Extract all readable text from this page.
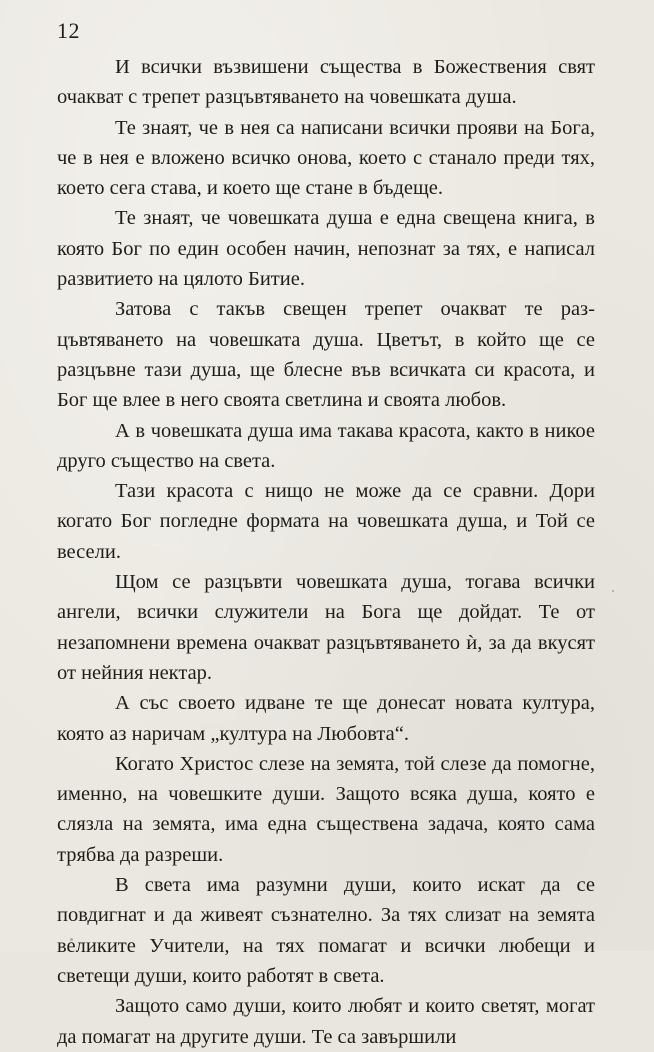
12

И всички възвишени същества в Божествения свят очакват с трепет разцъвтяването на човешката душа.

Те знаят, че в нея са написани всички прояви на Бога, че в нея е вложено всичко онова, което с станало преди тях, което сега става, и което ще стане в бъдеще.

Те знаят, че човешката душа е една свещена книга, в която Бог по един особен начин, непознат за тях, е написал развитието на цялото Битие.

Затова с такъв свещен трепет очакват те разцъвтяването на човешката душа. Цветът, в който ще се разцъвне тази душа, ще блесне във всичката си красота, и Бог ще влее в него своята светлина и своята любов.

А в човешката душа има такава красота, както в никое друго същество на света.

Тази красота с нищо не може да се сравни. Дори когато Бог погледне формата на човешката душа, и Той се весели.

Щом се разцъвти човешката душа, тогава всички ангели, всички служители на Бога ще дойдат. Те от незапомнени времена очакват разцъвтяването ѝ, за да вкусят от нейния нектар.

А със своето идване те ще донесат новата култура, която аз наричам „култура на Любовта“.

Когато Христос слезе на земята, той слезе да помогне, именно, на човешките души. Защото всяка душа, която е слязла на земята, има една съществена задача, която сама трябва да разреши.

В света има разумни души, които искат да се повдигнат и да живеят съзнателно. За тях слизат на земята великите Учители, на тях помагат и всички любещи и светещи души, които работят в света.

Защото само души, които любят и които светят, могат да помагат на другите души. Те са завършили
